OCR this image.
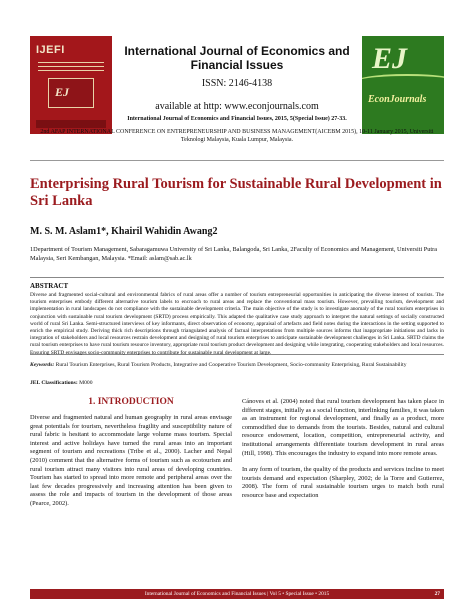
IJEFI
EJ
International Journal of Economics and Financial Issues
ISSN: 2146-4138
available at http: www.econjournals.com
International Journal of Economics and Financial Issues, 2015, 5(Special Issue) 27-33.
EJ
EconJournals
2nd AFAP INTERNATIONAL CONFERENCE ON ENTREPRENEURSHIP AND BUSINESS MANAGEMENT(AICEBM 2015), 10-11 January 2015, Universiti Teknologi Malaysia, Kuala Lumpur, Malaysia.
Enterprising Rural Tourism for Sustainable Rural Development in Sri Lanka
M. S. M. Aslam1*, Khairil Wahidin Awang2
1Department of Tourism Management, Sabaragamuwa University of Sri Lanka, Balangoda, Sri Lanka, 2Faculty of Economics and Management, Universiti Putra Malaysia, Seri Kembangan, Malaysia. *Email: aslam@sab.ac.lk
ABSTRACT
Diverse and fragmented social-cultural and environmental fabrics of rural areas offer a number of tourism entrepreneurial opportunities in anticipating the diverse interest of tourists. The tourism enterprises embody different alternative tourism labels to encroach to rural areas and replace the conventional mass tourism. However, prevailing tourism, development and implementation in rural landscapes do not compliance with the sustainable development criteria. The main objective of the study is to investigate anomaly of the rural tourism enterprises in conjunction with sustainable rural tourism development (SRTD) process empirically. This adapted the qualitative case study approach to interpret the natural settings of socially constructed world of rural Sri Lanka. Semi-structured interviews of key informants, direct observation of economy, appraisal of artefacts and field notes during the interactions in the setting supported to enrich the empirical study. Deriving thick rich descriptions through triangulated analysis of factual interpretations from multiple sources informs that inappropriate initiations and lacks in integration of stakeholders and local resources restrain development and designing of rural tourism enterprises to anticipate sustainable development challenges in Sri Lanka. SRTD claims the rural tourism enterprises to have rural tourism resource inventory, appropriate rural tourism product development and designing while integrating, cooperating stakeholders and local resources. Ensuring SRTD envisages socio-community enterprises to contribute for sustainable rural development at large.
Keywords: Rural Tourism Enterprises, Rural Tourism Products, Integrative and Cooperative Tourism Development, Socio-community Enterprising, Rural Sustainability
JEL Classifications: M000
1. INTRODUCTION

Diverse and fragmented natural and human geography in rural areas envisage great potentials for tourism, nevertheless fragility and susceptibility nature of rural fabric is hesitant to accommodate large volume mass tourism. Special interest and active holidays have turned the rural areas into an important segment of tourism and recreations (Tribe et al., 2000). Lacher and Nepal (2010) comment that the alternative forms of tourism such as ecotourism and rural tourism attract many visitors into rural areas of developing countries. Tourism has started to spread into more remote and peripheral areas over the last few decades progressively and increasing attention has been given to assess the role and impacts of tourism in the development of those areas (Pearce, 2002).

Cánoves et al. (2004) noted that rural tourism development has taken place in different stages, initially as a social function, interlinking families, it was taken as an instrument for regional development, and finally as a product, more commodified due to demands from the tourists. Besides, natural and cultural resource endowment, location, competition, entrepreneurial activity, and institutional arrangements differentiate tourism development in rural areas (Hill, 1998). This encourages the industry to expand into more remote areas.

In any form of tourism, the quality of the products and services incline to meet tourists demand and expectation (Sharpley, 2002; de la Torre and Gutierrez, 2008). The form of rural sustainable tourism urges to match both rural resource base and expectation

International Journal of Economics and Financial Issues | Vol 5 • Special Issue • 2015	27
